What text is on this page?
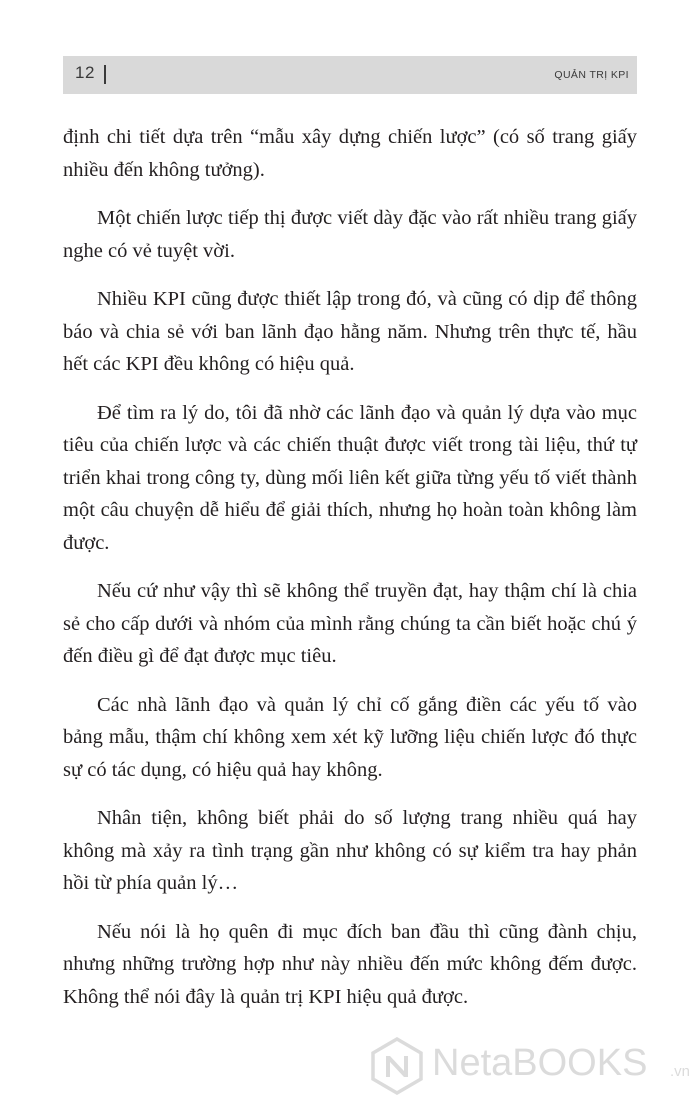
12	QUẢN TRỊ KPI

định chi tiết dựa trên “mẫu xây dựng chiến lược” (có số trang giấy nhiều đến không tưởng).

Một chiến lược tiếp thị được viết dày đặc vào rất nhiều trang giấy nghe có vẻ tuyệt vời.

Nhiều KPI cũng được thiết lập trong đó, và cũng có dịp để thông báo và chia sẻ với ban lãnh đạo hằng năm. Nhưng trên thực tế, hầu hết các KPI đều không có hiệu quả.

Để tìm ra lý do, tôi đã nhờ các lãnh đạo và quản lý dựa vào mục tiêu của chiến lược và các chiến thuật được viết trong tài liệu, thứ tự triển khai trong công ty, dùng mối liên kết giữa từng yếu tố viết thành một câu chuyện dễ hiểu để giải thích, nhưng họ hoàn toàn không làm được.

Nếu cứ như vậy thì sẽ không thể truyền đạt, hay thậm chí là chia sẻ cho cấp dưới và nhóm của mình rằng chúng ta cần biết hoặc chú ý đến điều gì để đạt được mục tiêu.

Các nhà lãnh đạo và quản lý chỉ cố gắng điền các yếu tố vào bảng mẫu, thậm chí không xem xét kỹ lưỡng liệu chiến lược đó thực sự có tác dụng, có hiệu quả hay không.

Nhân tiện, không biết phải do số lượng trang nhiều quá hay không mà xảy ra tình trạng gần như không có sự kiểm tra hay phản hồi từ phía quản lý…

Nếu nói là họ quên đi mục đích ban đầu thì cũng đành chịu, nhưng những trường hợp như này nhiều đến mức không đếm được. Không thể nói đây là quản trị KPI hiệu quả được.

NetaBOOKS .vn
